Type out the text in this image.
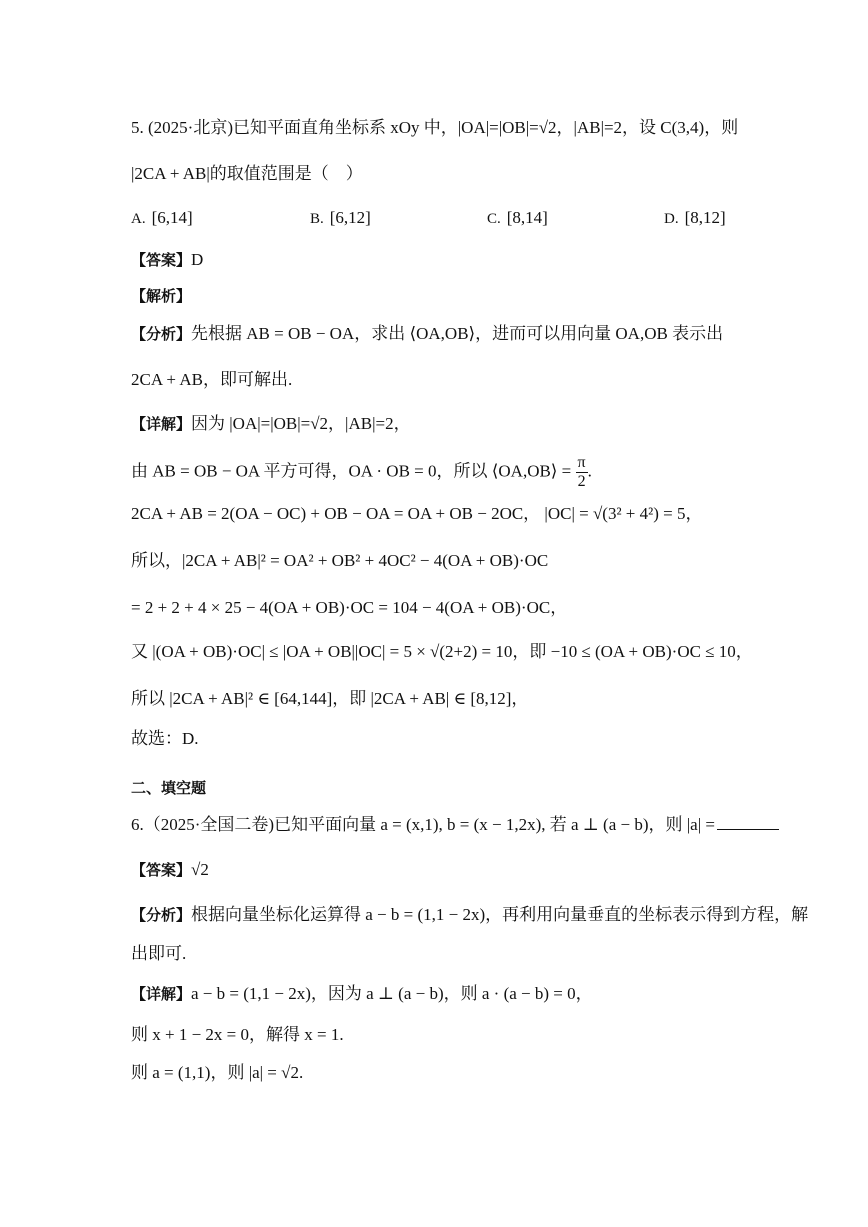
5. (2025·北京)已知平面直角坐标系 xOy 中，|OA|=|OB|=√2，|AB|=2，设 C(3,4)，则
|2CA + AB|的取值范围是（　）
A. [6,14]	B. [6,12]	C. [8,14]	D. [8,12]
【答案】D
【解析】
【分析】先根据 AB = OB − OA，求出 ⟨OA,OB⟩，进而可以用向量 OA,OB 表示出
2CA + AB，即可解出.
【详解】因为 |OA|=|OB|=√2，|AB|=2，
由 AB = OB − OA 平方可得，OA · OB = 0，所以 ⟨OA,OB⟩ = $\frac{\pi}{2}$ .
2CA + AB = 2(OA − OC) + OB − OA = OA + OB − 2OC， |OC| = √(3² + 4²) = 5，
所以，|2CA + AB|² = OA² + OB² + 4OC² − 4(OA + OB)·OC
= 2 + 2 + 4 × 25 − 4(OA + OB)·OC = 104 − 4(OA + OB)·OC，
又 |(OA + OB)·OC| ≤ |OA + OB||OC| = 5 × √(2+2) = 10，即 −10 ≤ (OA + OB)·OC ≤ 10，
所以 |2CA + AB|² ∈ [64,144]，即 |2CA + AB| ∈ [8,12]，
故选：D.
二、填空题
6.（2025·全国二卷)已知平面向量 a = (x,1), b = (x − 1,2x), 若 a ⊥ (a − b)，则 |a| =
【答案】√2
【分析】根据向量坐标化运算得 a − b = (1,1 − 2x)，再利用向量垂直的坐标表示得到方程，解
出即可.
【详解】a − b = (1,1 − 2x)，因为 a ⊥ (a − b)，则 a · (a − b) = 0，
则 x + 1 − 2x = 0，解得 x = 1.
则 a = (1,1)，则 |a| = √2.
